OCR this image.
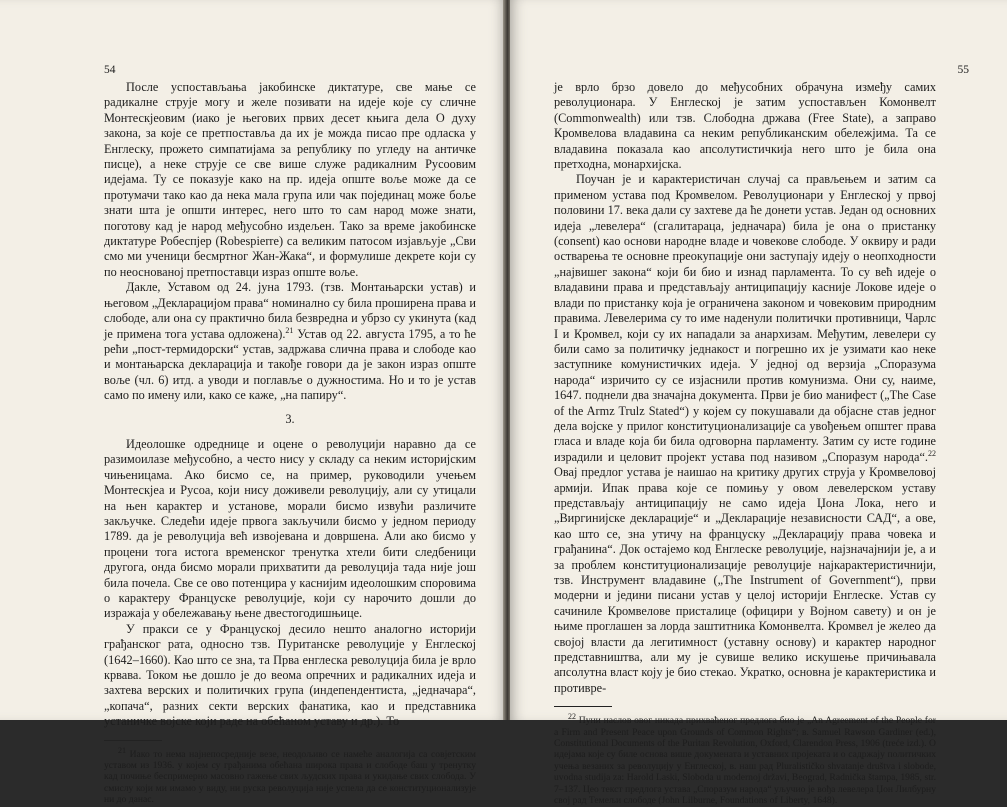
54

После успостављања јакобинске диктатуре, све мање се радикалне струје могу и желе позивати на идеје које су сличне Монтескјеовим (иако је његових првих десет књига дела О духу закона, за које се претпоставља да их је можда писао пре одласка у Енглеску, прожето симпатијама за републику по угледу на античке писце), а неке струје се све више служе радикалним Русоовим идејама. Ту се показује како на пр. идеја опште воље може да се протумачи тако као да нека мала група или чак појединац може боље знати шта је општи интерес, него што то сам народ може знати, поготову кад је народ међусобно издељен. Тако за време јакобинске диктатуре Робеспјер (Robespierre) са великим патосом изјављује „Сви смо ми ученици бесмртног Жан-Жака“, и формулише декрете који су по неоснованој претпоставци израз опште воље.

Дакле, Уставом од 24. јуна 1793. (тзв. Монтањарски устав) и његовом „Декларацијом права“ номинално су била проширена права и слободе, али она су практично била безвредна и убрзо су укинута (кад је примена тога устава одложена).$^{21}$ Устав од 22. августа 1795, а то ће рећи „пост-термидорски“ устав, задржава слична права и слободе као и монтањарска декларација и такође говори да је закон израз опште воље (чл. 6) итд. а уводи и поглавље о дужностима. Но и то је устав само по имену или, како се каже, „на папиру“.

3.

Идеолошке одреднице и оцене о револуцији наравно да се разимоилазе међусобно, а често нису у складу са неким историјским чињеницама. Ако бисмо се, на пример, руководили учењем Монтескјеа и Русоа, који нису доживели револуцију, али су утицали на њен карактер и установе, морали бисмо извући различите закључке. Следећи идеје првога закључили бисмо у једном периоду 1789. да је револуција већ извојевана и довршена. Али ако бисмо у процени тога истога временског тренутка хтели бити следбеници другога, онда бисмо морали прихватити да револуција тада није још била почела. Све се ово потенцира у каснијим идеолошким споровима о карактеру Француске револуције, који су нарочито дошли до изражаја у обележавању њене двестогодишњице.

У пракси се у Француској десило нешто аналогно историји грађанског рата, односно тзв. Пуританске револуције у Енглеској (1642–1660). Као што се зна, та Прва енглеска револуција била је врло крвава. Током ње дошло је до веома опречних и радикалних идеја и захтева верских и политичких група (индепендентиста, „једначара“, „копача“, разних секти верских фанатика, као и представника устаничке војске који раде на обећаном уставу и др.). То

$^{21}$ Иако то нема најнепосредније везе, неодољиво се намеће аналогија са совјетским уставом из 1936. у којем су грађанима обећана широка права и слободе баш у тренутку кад почиње беспримерно масовно гажење свих људских права и укидање свих слобода. У смислу који ми имамо у виду, ни руска револуција није успела да се конституционализује ни до данас.

55

је врло брзо довело до међусобних обрачуна између самих револуционара. У Енглеској је затим успостављен Комонвелт (Commonwealth) или тзв. Слободна држава (Free State), а заправо Кромвелова владавина са неким републиканским обележјима. Та се владавина показала као апсолутистичкија него што је била она претходна, монархијска.

Поучан је и карактеристичан случај са прављењем и затим са применом устава под Кромвелом. Револуционари у Енглеској у првој половини 17. века дали су захтеве да ће донети устав. Један од основних идеја „левелера“ (сгалитараца, једначара) била је она о пристанку (consent) као основи народне владе и човекове слободе. У оквиру и ради остварења те основне преокупације они заступају идеју о неопходности „највишег закона“ који би био и изнад парламента. То су већ идеје о владавини права и представљају антиципацију касније Локове идеје о влади по пристанку која је ограничена законом и човековим природним правима. Левелерима су то име наденули политички противници, Чарлс I и Кромвел, који су их нападали за анархизам. Међутим, левелери су били само за политичку једнакост и погрешно их је узимати као неке заступнике комунистичких идеја. У једној од верзија „Споразума народа“ изричито су се изјаснили против комунизма. Они су, наиме, 1647. поднели два значајна документа. Први је био манифест („The Case of the Armz Trulz Stated“) у којем су покушавали да објасне став једног дела војске у прилог конституционализације са увођењем општег права гласа и владе која би била одговорна парламенту. Затим су исте године израдили и целовит пројект устава под називом „Споразум народа“.$^{22}$ Овај предлог устава је наишао на критику других струја у Кромвеловој армији. Ипак права које се помињу у овом левелерском уставу представљају антиципацију не само идеја Џона Лока, него и „Виргинијске декларације“ и „Декларације независности САД“, а ове, као што се, зна утичу на француску „Декларацију права човека и грађанина“. Док остајемо код Енглеске револуције, најзначајнији је, а и за проблем конституционализације револуције најкарактеристичнији, тзв. Инструмент владавине („The Instrument of Government“), први модерни и једини писани устав у целој историји Енглеске. Устав су сачиниле Кромвелове присталице (официри у Војном савету) и он је њиме проглашен за лорда заштитника Комонвелта. Кромвел је желео да својој власти да легитимност (уставну основу) и карактер народног представништва, али му је сувише велико искушење причињавала апсолутна власт коју је био стекао. Укратко, основна је карактеристика и противре-

$^{22}$ Пуни наслов овог никада прихваћеног предлога био је „An Agreement of the People for a Firm and Present Peace upon Grounds of Common Rights“; в. Samuel Rawson Gardiner (ed.), Constitutional Documents of the Puritan Revolution, Oxford, Clarendon Press, 1906 (treće izd.). О идејама које су биле основа више докумената и уставних пројеката и о садржају политичких учења везаних за револуцију у Енглеској, в. наш рад Pluralističko shvatanje društva i slobode, uvodna studija za: Harold Laski, Sloboda u modernoj državi, Beograd, Radnička štampa, 1985, str. 7–137. Цео текст предлога устава „Споразум народа“ уључио је вођа левелера Џон Лилбурну свој рад Темељи слободе (John Lilburne, Foundations of Liberty, 1648).
